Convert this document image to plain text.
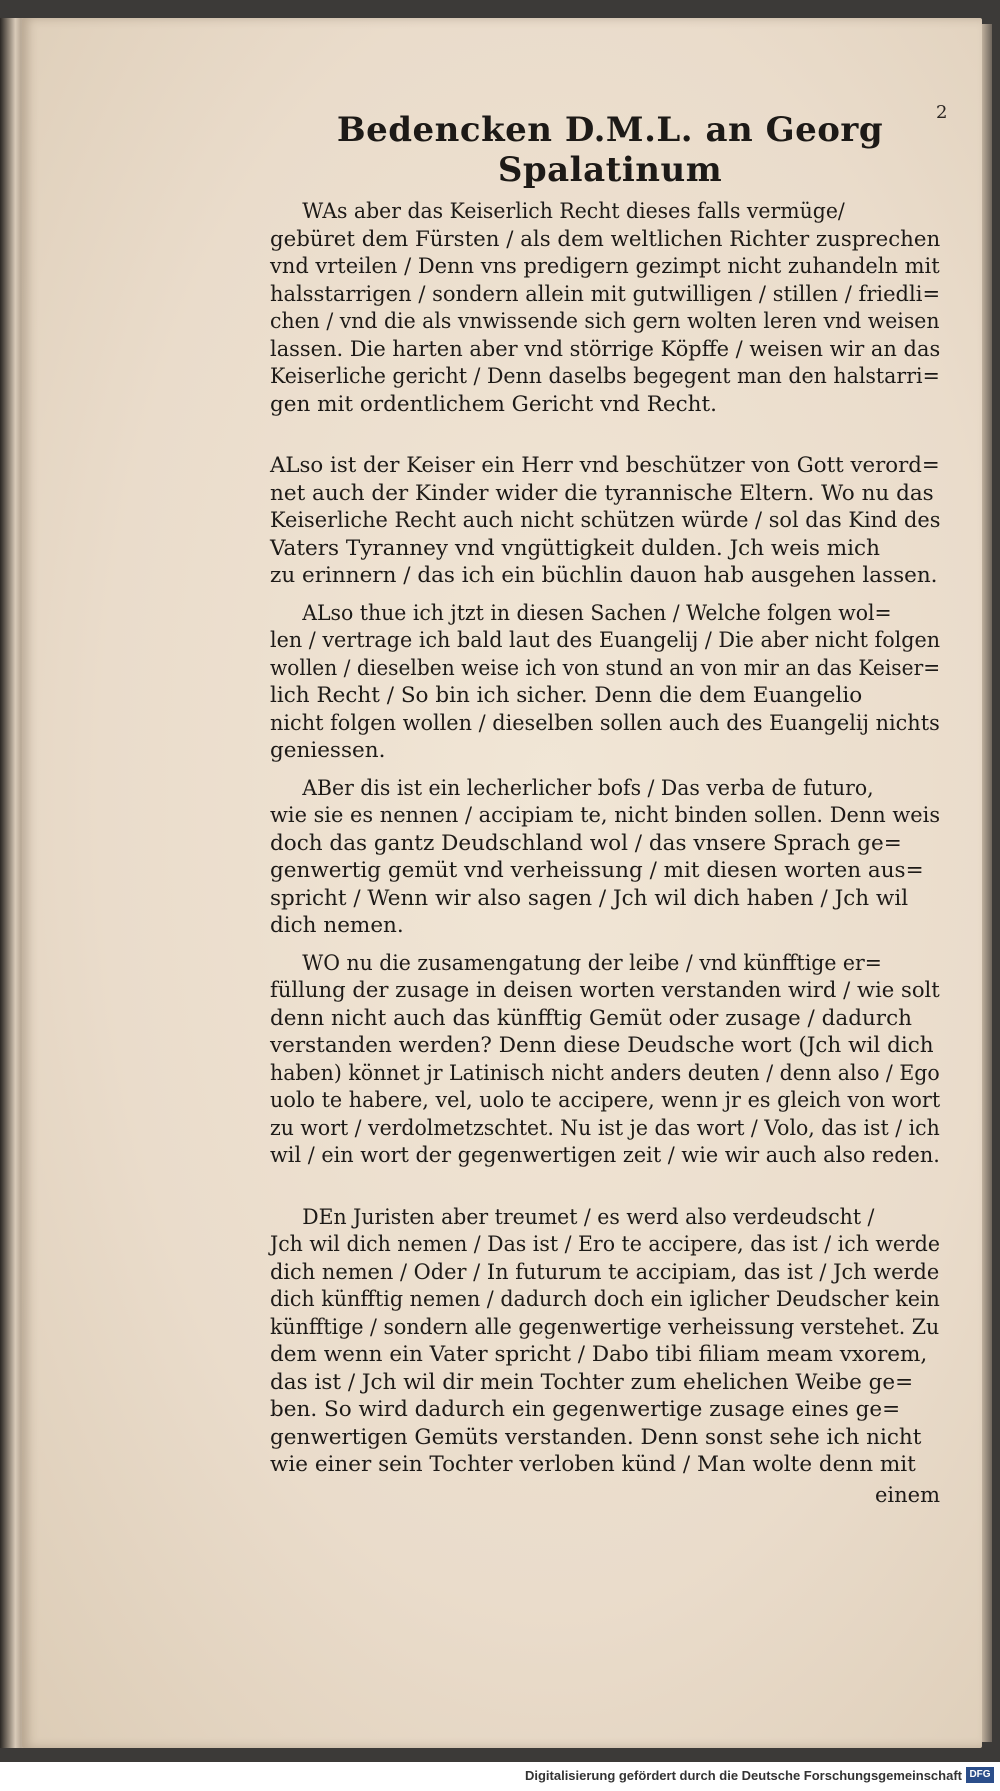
2
Bedencken D.M.L. an Georg Spalatinum
WAs aber das Keiserlich Recht dieses falls vermüge/
gebüret dem Fürsten / als dem weltlichen Richter zusprechen
vnd vrteilen / Denn vns predigern gezimpt nicht zuhandeln mit
halsstarrigen / sondern allein mit gutwilligen / stillen / friedli=
chen / vnd die als vnwissende sich gern wolten leren vnd weisen
lassen. Die harten aber vnd störrige Köpffe / weisen wir an das
Keiserliche gericht / Denn daselbs begegent man den halstarri=
gen mit ordentlichem Gericht vnd Recht.
ALso ist der Keiser ein Herr vnd beschützer von Gott verord=
net auch der Kinder wider die tyrannische Eltern. Wo nu das
Keiserliche Recht auch nicht schützen würde / sol das Kind des
Vaters Tyranney vnd vngüttigkeit dulden. Jch weis mich
zu erinnern / das ich ein büchlin dauon hab ausgehen lassen.
ALso thue ich jtzt in diesen Sachen / Welche folgen wol=
len / vertrage ich bald laut des Euangelij / Die aber nicht folgen
wollen / dieselben weise ich von stund an von mir an das Keiser=
lich Recht / So bin ich sicher. Denn die dem Euangelio
nicht folgen wollen / dieselben sollen auch des Euangelij nichts
geniessen.
ABer dis ist ein lecherlicher bofs / Das verba de futuro,
wie sie es nennen / accipiam te, nicht binden sollen. Denn weis
doch das gantz Deudschland wol / das vnsere Sprach ge=
genwertig gemüt vnd verheissung / mit diesen worten aus=
spricht / Wenn wir also sagen / Jch wil dich haben / Jch wil
dich nemen.
WO nu die zusamengatung der leibe / vnd künfftige er=
füllung der zusage in deisen worten verstanden wird / wie solt
denn nicht auch das künfftig Gemüt oder zusage / dadurch
verstanden werden? Denn diese Deudsche wort (Jch wil dich
haben) könnet jr Latinisch nicht anders deuten / denn also / Ego
uolo te habere, vel, uolo te accipere, wenn jr es gleich von wort
zu wort / verdolmetzschtet. Nu ist je das wort / Volo, das ist / ich
wil / ein wort der gegenwertigen zeit / wie wir auch also reden.
DEn Juristen aber treumet / es werd also verdeudscht /
Jch wil dich nemen / Das ist / Ero te accipere, das ist / ich werde
dich nemen / Oder / In futurum te accipiam, das ist / Jch werde
dich künfftig nemen / dadurch doch ein iglicher Deudscher kein
künfftige / sondern alle gegenwertige verheissung verstehet. Zu
dem wenn ein Vater spricht / Dabo tibi filiam meam vxorem,
das ist / Jch wil dir mein Tochter zum ehelichen Weibe ge=
ben. So wird dadurch ein gegenwertige zusage eines ge=
genwertigen Gemüts verstanden. Denn sonst sehe ich nicht
wie einer sein Tochter verloben künd / Man wolte denn mit
einem
Digitalisierung gefördert durch die Deutsche Forschungsgemeinschaft DFG
